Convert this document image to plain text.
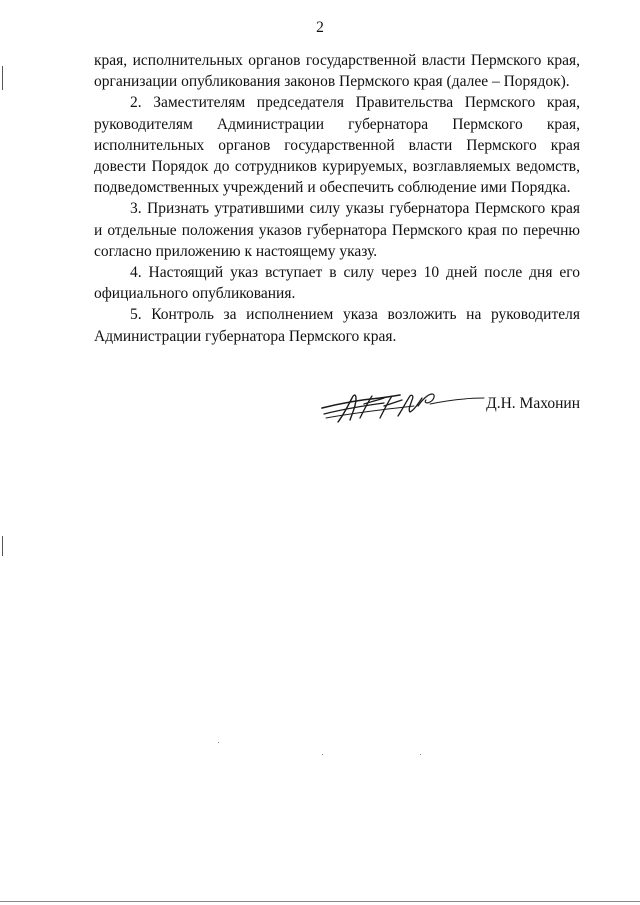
2

края, исполнительных органов государственной власти Пермского края, организации опубликования законов Пермского края (далее – Порядок).

2. Заместителям председателя Правительства Пермского края, руководителям Администрации губернатора Пермского края, исполнительных органов государственной власти Пермского края довести Порядок до сотрудников курируемых, возглавляемых ведомств, подведомственных учреждений и обеспечить соблюдение ими Порядка.

3. Признать утратившими силу указы губернатора Пермского края и отдельные положения указов губернатора Пермского края по перечню согласно приложению к настоящему указу.

4. Настоящий указ вступает в силу через 10 дней после дня его официального опубликования.

5. Контроль за исполнением указа возложить на руководителя Администрации губернатора Пермского края.

Д.Н. Махонин
